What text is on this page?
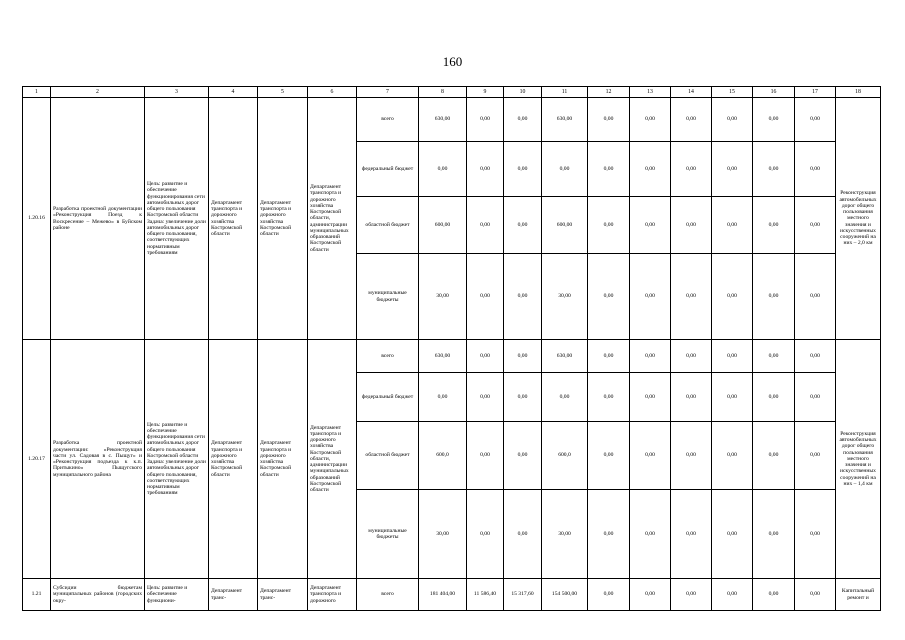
160
1	2	3	4	5	6	7	8	9	10	11	12	13	14	15	16	17	18
1.20.16	Разработка проектной документации «Реконструкция Поезд к Воскресение – Межево» в Буйском районе	Цель: развитие и обеспечение функционирования сети автомобильных дорог общего пользования Костромской области Задача: увеличение доли автомобильных дорог общего пользования, соответствующих нормативным требованиям	Департамент транспорта и дорожного хозяйства Костромской области	Департамент транспорта и дорожного хозяйства Костромской области	Департамент транспорта и дорожного хозяйства Костромской области, администрации муниципальных образований Костромской области	всего	630,00	0,00	0,00	630,00	0,00	0,00	0,00	0,00	0,00	0,00	Реконструкция автомобильных дорог общего пользования местного значения и искусственных сооружений на них – 2,0 км
						федеральный бюджет	0,00	0,00	0,00	0,00	0,00	0,00	0,00	0,00	0,00	0,00	
						областной бюджет	600,00	0,00	0,00	600,00	0,00	0,00	0,00	0,00	0,00	0,00	
						муниципальные бюджеты	30,00	0,00	0,00	30,00	0,00	0,00	0,00	0,00	0,00	0,00	
1.20.17	Разработка проектной документации: «Реконструкция части ул. Садовая в с. Пыщуг» и «Реконструкция подъезда к к.п. Притыкино» Пыщугского муниципального района	Цель: развитие и обеспечение функционирования сети автомобильных дорог общего пользования Костромской области Задача: увеличение доли автомобильных дорог общего пользования, соответствующих нормативным требованиям	Департамент транспорта и дорожного хозяйства Костромской области	Департамент транспорта и дорожного хозяйства Костромской области	Департамент транспорта и дорожного хозяйства Костромской области, администрации муниципальных образований Костромской области	всего	630,00	0,00	0,00	630,00	0,00	0,00	0,00	0,00	0,00	0,00	Реконструкция автомобильных дорог общего пользования местного значения и искусственных сооружений на них – 1,4 км
						федеральный бюджет	0,00	0,00	0,00	0,00	0,00	0,00	0,00	0,00	0,00	0,00	
						областной бюджет	600,0	0,00	0,00	600,0	0,00	0,00	0,00	0,00	0,00	0,00	
						муниципальные бюджеты	30,00	0,00	0,00	30,00	0,00	0,00	0,00	0,00	0,00	0,00	
1.21	Субсидии бюджетам муниципальных районов (городских окру-	Цель: развитие и обеспечение функциони-	Департамент транс-	Департамент транс-	Департамент транспорта и дорожного	всего	181 404,00	11 586,40	15 317,60	154 500,00	0,00	0,00	0,00	0,00	0,00	0,00	Капитальный ремонт и
